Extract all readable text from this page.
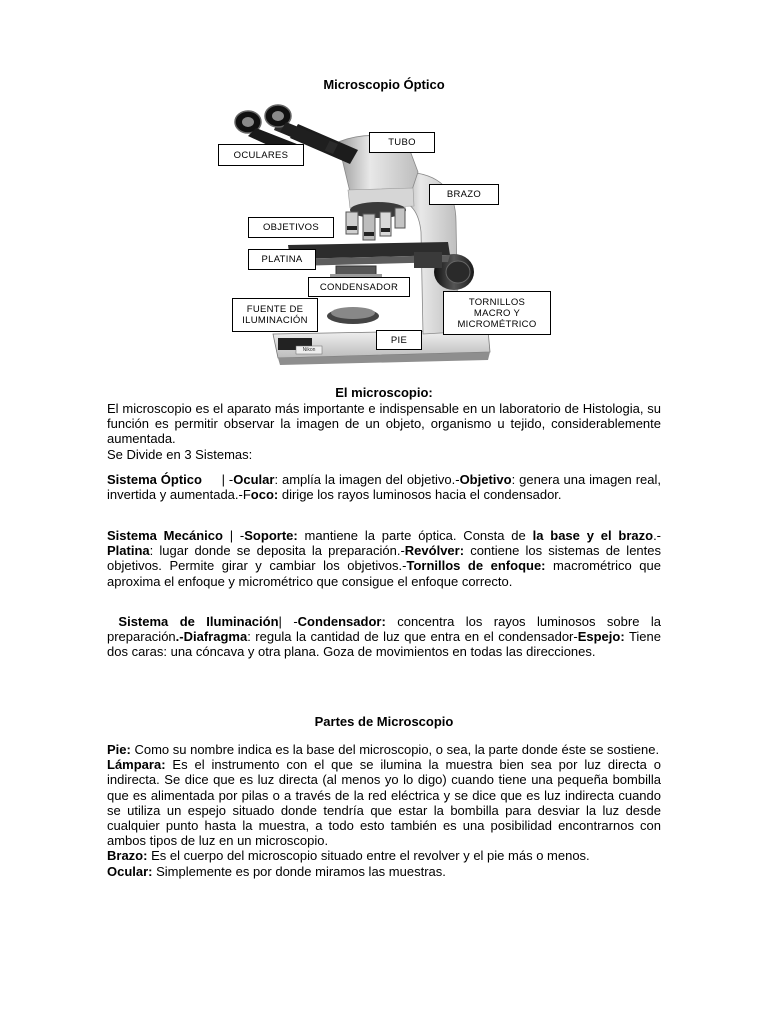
Microscopio Óptico
OCULARES
TUBO
BRAZO
OBJETIVOS
PLATINA
CONDENSADOR
FUENTE DE
ILUMINACIÓN
TORNILLOS
MACRO Y
MICROMÉTRICO
PIE
Nikon
El microscopio:

El microscopio es el aparato más importante e indispensable en un laboratorio de Histologia, su función es permitir observar la imagen de un objeto, organismo u tejido, considerablemente aumentada.

Se Divide en 3 Sistemas:

Sistema Óptico     | -Ocular: amplía la imagen del objetivo.-Objetivo: genera una imagen real, invertida y aumentada.-Foco: dirige los rayos luminosos hacia el condensador.
Sistema Mecánico | -Soporte: mantiene la parte óptica. Consta de la base y el brazo.-Platina: lugar donde se deposita la preparación.-Revólver: contiene los sistemas de lentes objetivos. Permite girar y cambiar los objetivos.-Tornillos de enfoque: macrométrico que aproxima el enfoque y micrométrico que consigue el enfoque correcto.
Sistema de Iluminación| -Condensador: concentra los rayos luminosos sobre la preparación.-Diafragma: regula la cantidad de luz que entra en el condensador-Espejo: Tiene dos caras: una cóncava y otra plana. Goza de movimientos en todas las direcciones.
Partes de Microscopio

Pie: Como su nombre indica es la base del microscopio, o sea, la parte donde éste se sostiene.

Lámpara: Es el instrumento con el que se ilumina la muestra bien sea por luz directa o indirecta. Se dice que es luz directa (al menos yo lo digo) cuando tiene una pequeña bombilla que es alimentada por pilas o a través de la red eléctrica y se dice que es luz indirecta cuando se utiliza un espejo situado donde tendría que estar la bombilla para desviar la luz desde cualquier punto hasta la muestra, a todo esto también es una posibilidad encontrarnos con ambos tipos de luz en un microscopio.

Brazo: Es el cuerpo del microscopio situado entre el revolver y el pie más o menos.

Ocular: Simplemente es por donde miramos las muestras.
